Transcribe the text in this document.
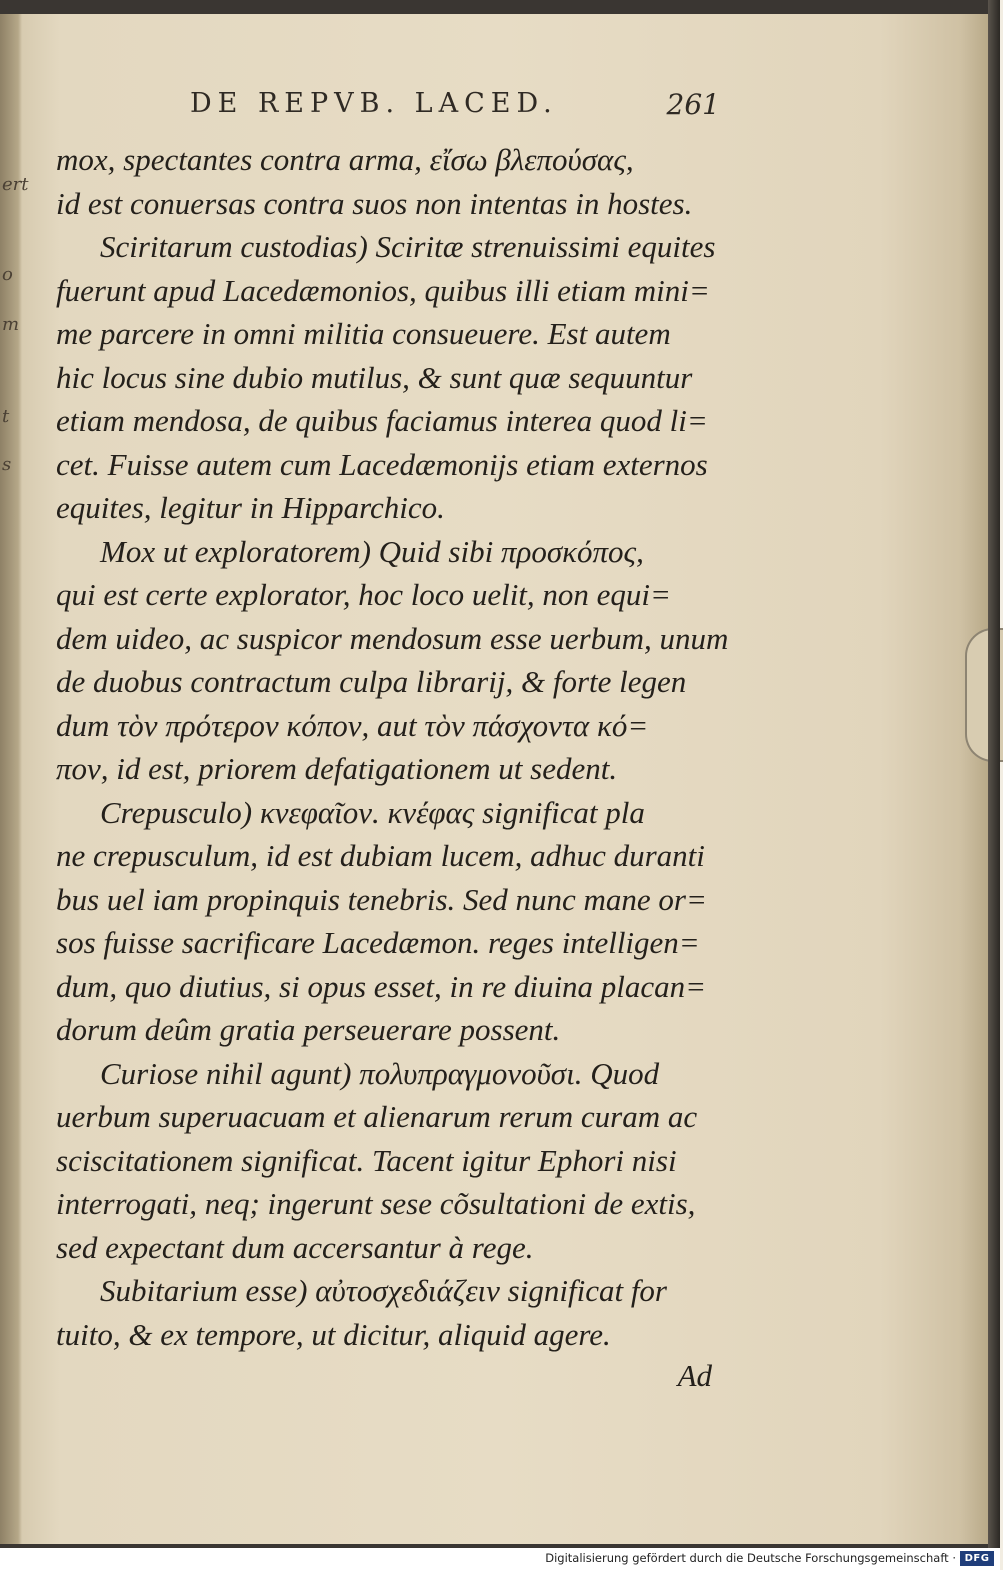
ert
o
m
t
s
DE REPVB. LACED.	261
mox, spectantes contra arma, εἴσω βλεπούσας,
id est conuersas contra suos non intentas in hostes.
Sciritarum custodias) Sciritæ strenuissimi equites
fuerunt apud Lacedæmonios, quibus illi etiam mini=
me parcere in omni militia consueuere. Est autem
hic locus sine dubio mutilus, & sunt quæ sequuntur
etiam mendosa, de quibus faciamus interea quod li=
cet. Fuisse autem cum Lacedæmonijs etiam externos
equites, legitur in Hipparchico.
Mox ut exploratorem) Quid sibi προσκόπος,
qui est certe explorator, hoc loco uelit, non equi=
dem uideo, ac suspicor mendosum esse uerbum, unum
de duobus contractum culpa librarij, & forte legen
dum τὸν πρότερον κόπον, aut τὸν πάσχοντα κό=
πον, id est, priorem defatigationem ut sedent.
Crepusculo) κνεφαῖον. κνέφας significat pla
ne crepusculum, id est dubiam lucem, adhuc duranti
bus uel iam propinquis tenebris. Sed nunc mane or=
sos fuisse sacrificare Lacedæmon. reges intelligen=
dum, quo diutius, si opus esset, in re diuina placan=
dorum deûm gratia perseuerare possent.
Curiose nihil agunt) πολυπραγμονοῦσι. Quod
uerbum superuacuam et alienarum rerum curam ac
sciscitationem significat. Tacent igitur Ephori nisi
interrogati, neq; ingerunt sese cõsultationi de extis,
sed expectant dum accersantur à rege.
Subitarium esse) αὐτοσχεδιάζειν significat for
tuito, & ex tempore, ut dicitur, aliquid agere.
Ad
Digitalisierung gefördert durch die Deutsche Forschungsgemeinschaft · DFG
